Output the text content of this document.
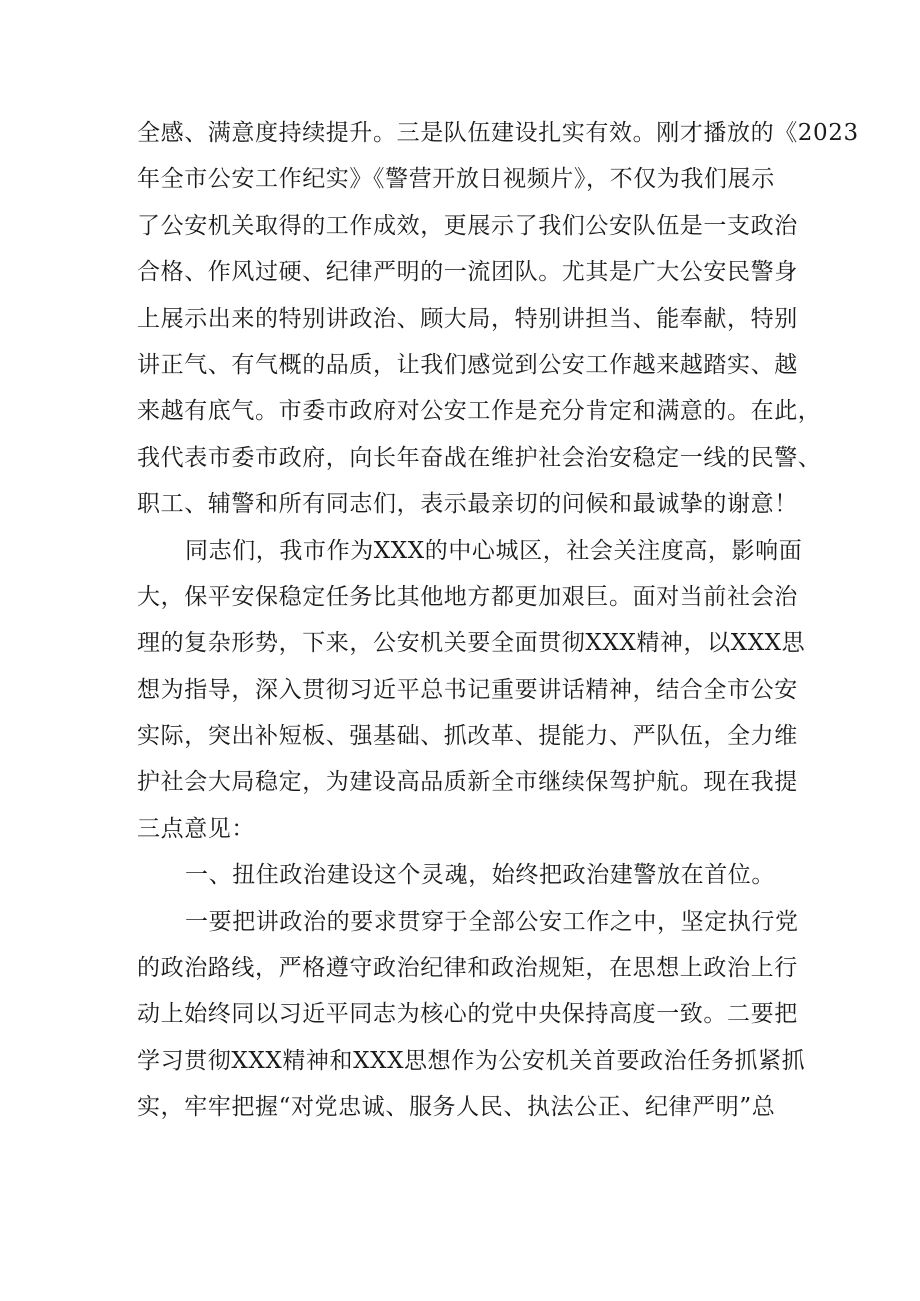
全感、满意度持续提升。三是队伍建设扎实有效。刚才播放的《2023
年全市公安工作纪实》《警营开放日视频片》，不仅为我们展示
了公安机关取得的工作成效，更展示了我们公安队伍是一支政治
合格、作风过硬、纪律严明的一流团队。尤其是广大公安民警身
上展示出来的特别讲政治、顾大局，特别讲担当、能奉献，特别
讲正气、有气概的品质，让我们感觉到公安工作越来越踏实、越
来越有底气。市委市政府对公安工作是充分肯定和满意的。在此，
我代表市委市政府，向长年奋战在维护社会治安稳定一线的民警、
职工、辅警和所有同志们，表示最亲切的问候和最诚挚的谢意！
同志们，我市作为XXX的中心城区，社会关注度高，影响面
大，保平安保稳定任务比其他地方都更加艰巨。面对当前社会治
理的复杂形势，下来，公安机关要全面贯彻XXX精神，以XXX思
想为指导，深入贯彻习近平总书记重要讲话精神，结合全市公安
实际，突出补短板、强基础、抓改革、提能力、严队伍，全力维
护社会大局稳定，为建设高品质新全市继续保驾护航。现在我提
三点意见：
一、扭住政治建设这个灵魂，始终把政治建警放在首位。
一要把讲政治的要求贯穿于全部公安工作之中，坚定执行党
的政治路线，严格遵守政治纪律和政治规矩，在思想上政治上行
动上始终同以习近平同志为核心的党中央保持高度一致。二要把
学习贯彻XXX精神和XXX思想作为公安机关首要政治任务抓紧抓
实，牢牢把握“对党忠诚、服务人民、执法公正、纪律严明”总
